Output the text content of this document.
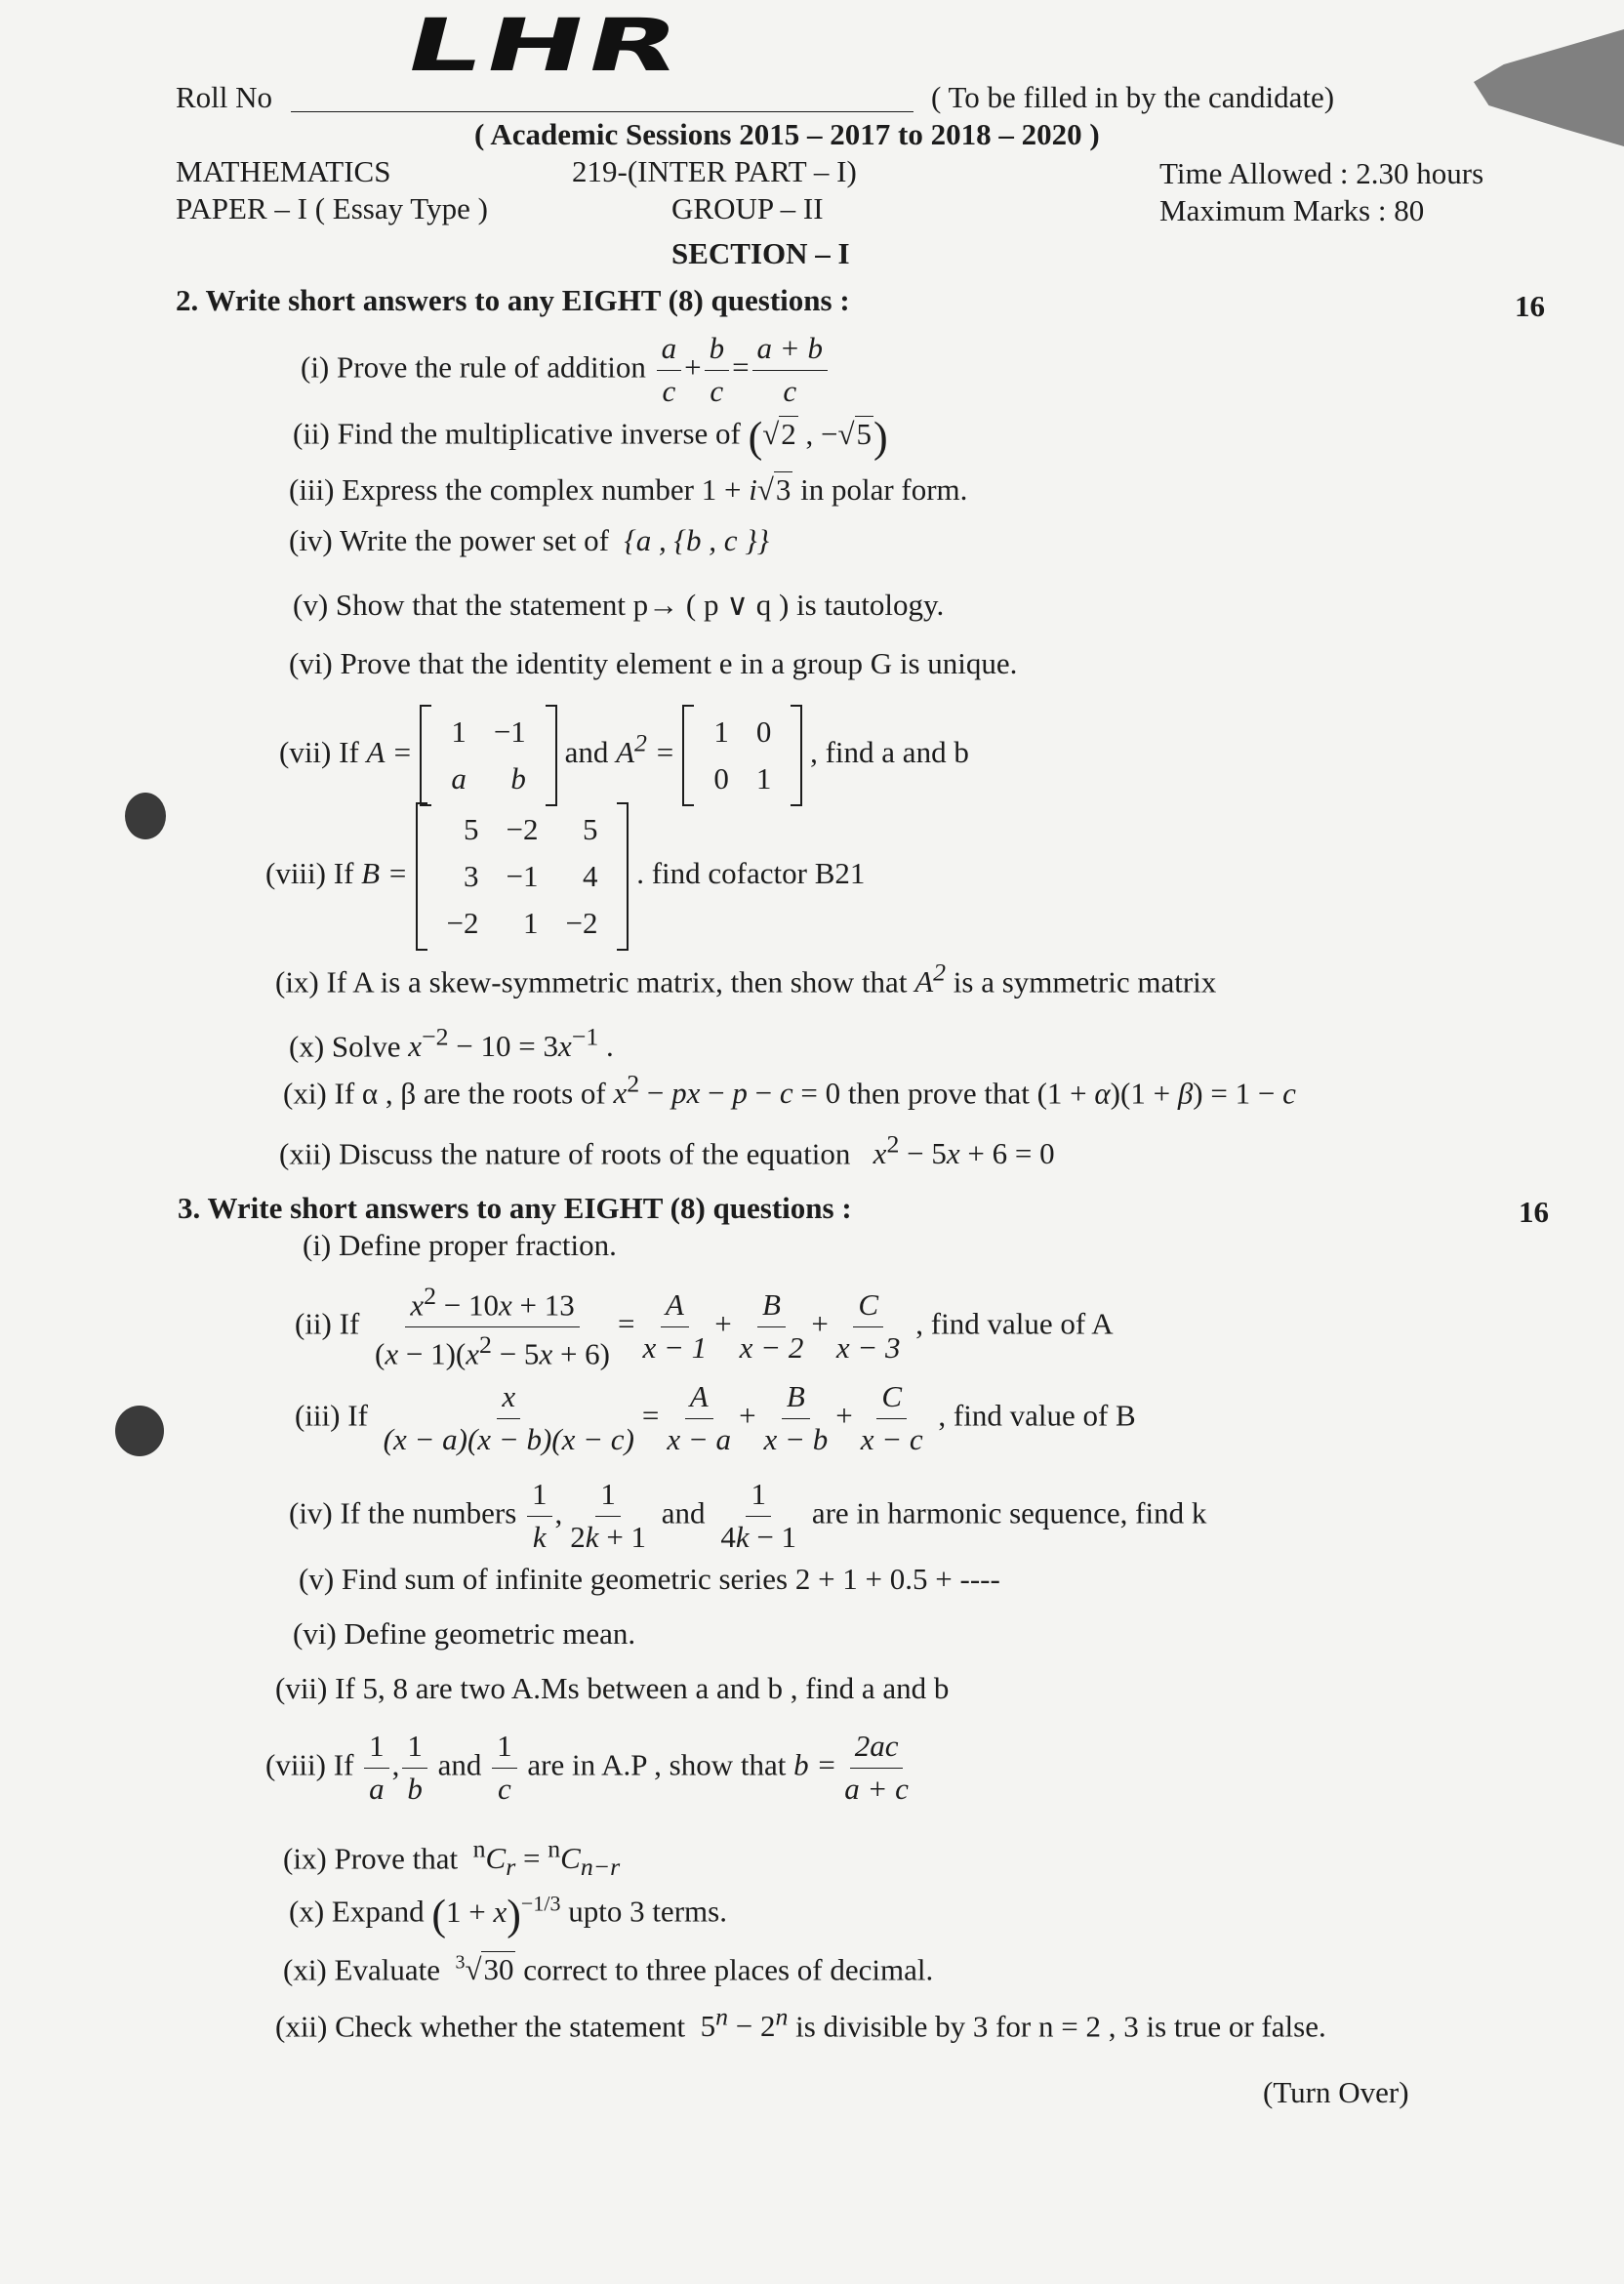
LHR
Roll No	( To be filled in by the candidate)
( Academic Sessions 2015 – 2017 to 2018 – 2020 )
MATHEMATICS	219-(INTER PART – I)	Time Allowed : 2.30 hours
PAPER – I ( Essay Type )	GROUP – II	Maximum Marks : 80
SECTION – I
2. Write short answers to any EIGHT (8) questions :	16
(i) Prove the rule of addition $\frac{a}{c} + \frac{b}{c} = \frac{a + b}{c}$
(ii) Find the multiplicative inverse of (√2 , −√5)
(iii) Express the complex number 1 + i√3 in polar form.
(iv) Write the power set of  {a , {b , c }}
(v) Show that the statement p→ ( p ∨ q ) is tautology.
(vi) Prove that the identity element e in a group G is unique.
(vii) If A =
1	−1
a	b
and $A^2$ =
1	0
0	1
, find a and b
(viii) If B =
5	−2	5
3	−1	4
−2	1	−2
. find cofactor B21
(ix) If A is a skew-symmetric matrix, then show that $A^2$ is a symmetric matrix
(x) Solve $x^{-2} - 10 = 3x^{-1}$ .
(xi) If α , β are the roots of $x^2$ − px − p − c = 0 then prove that (1 + α)(1 + β) = 1 − c
(xii) Discuss the nature of roots of the equation $x^2 - 5x + 6 = 0$
3. Write short answers to any EIGHT (8) questions :	16
(i) Define proper fraction.
(ii) If $\frac{x^2 - 10x + 13}{(x - 1)(x^2 - 5x + 6)} = \frac{A}{x - 1} + \frac{B}{x - 2} + \frac{C}{x - 3}$ , find value of A
(iii) If $\frac{x}{(x - a)(x - b)(x - c)} = \frac{A}{x - a} + \frac{B}{x - b} + \frac{C}{x - c}$ , find value of B
(iv) If the numbers $\frac{1}{k}$ , $\frac{1}{2k + 1}$ and $\frac{1}{4k - 1}$ are in harmonic sequence, find k
(v) Find sum of infinite geometric series 2 + 1 + 0.5 + ----
(vi) Define geometric mean.
(vii) If 5, 8 are two A.Ms between a and b , find a and b
(viii) If $\frac{1}{a}$ , $\frac{1}{b}$ and $\frac{1}{c}$ are in A.P , show that $b = \frac{2ac}{a + c}$
(ix) Prove that $^nC_r = ^nC_{n-r}$
(x) Expand $(1 + x)^{-1/3}$ upto 3 terms.
(xi) Evaluate $^3$√30 correct to three places of decimal.
(xii) Check whether the statement  $5^n - 2^n$ is divisible by 3 for n = 2 , 3 is true or false.
(Turn Over)
